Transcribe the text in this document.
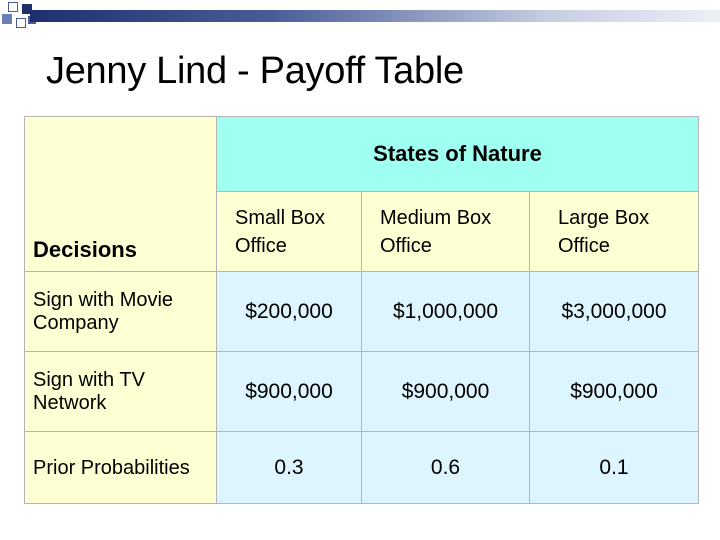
Jenny Lind - Payoff Table
Decisions	States of Nature		

	Small Box Office	Medium Box Office	Large Box Office

Sign with Movie Company	$200,000	$1,000,000	$3,000,000
Sign with TV Network	$900,000	$900,000	$900,000
Prior Probabilities	0.3	0.6	0.1
